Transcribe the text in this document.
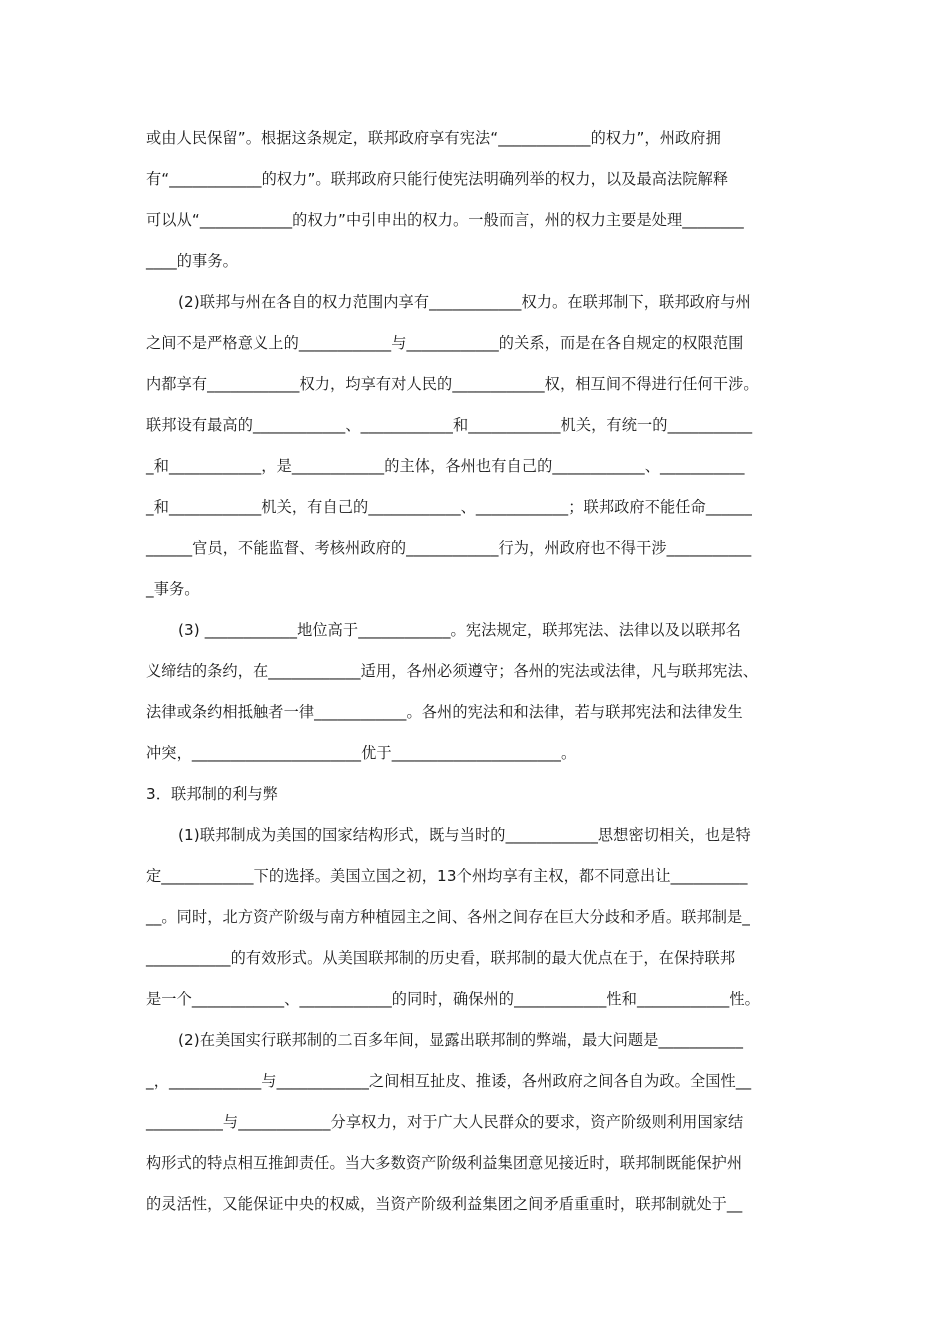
或由人民保留”。根据这条规定，联邦政府享有宪法“____________的权力”，州政府拥
有“____________的权力”。联邦政府只能行使宪法明确列举的权力，以及最高法院解释
可以从“____________的权力”中引申出的权力。一般而言，州的权力主要是处理________
____的事务。
(2)联邦与州在各自的权力范围内享有____________权力。在联邦制下，联邦政府与州
之间不是严格意义上的____________与____________的关系，而是在各自规定的权限范围
内都享有____________权力，均享有对人民的____________权，相互间不得进行任何干涉。
联邦设有最高的____________、____________和____________机关，有统一的___________
_和____________，是____________的主体，各州也有自己的____________、___________
_和____________机关，有自己的____________、____________；联邦政府不能任命______
______官员，不能监督、考核州政府的____________行为，州政府也不得干涉___________
_事务。
(3) ____________地位高于____________。宪法规定，联邦宪法、法律以及以联邦名
义缔结的条约，在____________适用，各州必须遵守；各州的宪法或法律，凡与联邦宪法、
法律或条约相抵触者一律____________。各州的宪法和和法律，若与联邦宪法和法律发生
冲突，______________________优于______________________。
3．联邦制的利与弊
(1)联邦制成为美国的国家结构形式，既与当时的____________思想密切相关，也是特
定____________下的选择。美国立国之初，13个州均享有主权，都不同意出让__________
__。同时，北方资产阶级与南方种植园主之间、各州之间存在巨大分歧和矛盾。联邦制是_
___________的有效形式。从美国联邦制的历史看，联邦制的最大优点在于，在保持联邦
是一个____________、____________的同时，确保州的____________性和____________性。
(2)在美国实行联邦制的二百多年间，显露出联邦制的弊端，最大问题是___________
_，____________与____________之间相互扯皮、推诿，各州政府之间各自为政。全国性__
__________与____________分享权力，对于广大人民群众的要求，资产阶级则利用国家结
构形式的特点相互推卸责任。当大多数资产阶级利益集团意见接近时，联邦制既能保护州
的灵活性，又能保证中央的权威，当资产阶级利益集团之间矛盾重重时，联邦制就处于__
